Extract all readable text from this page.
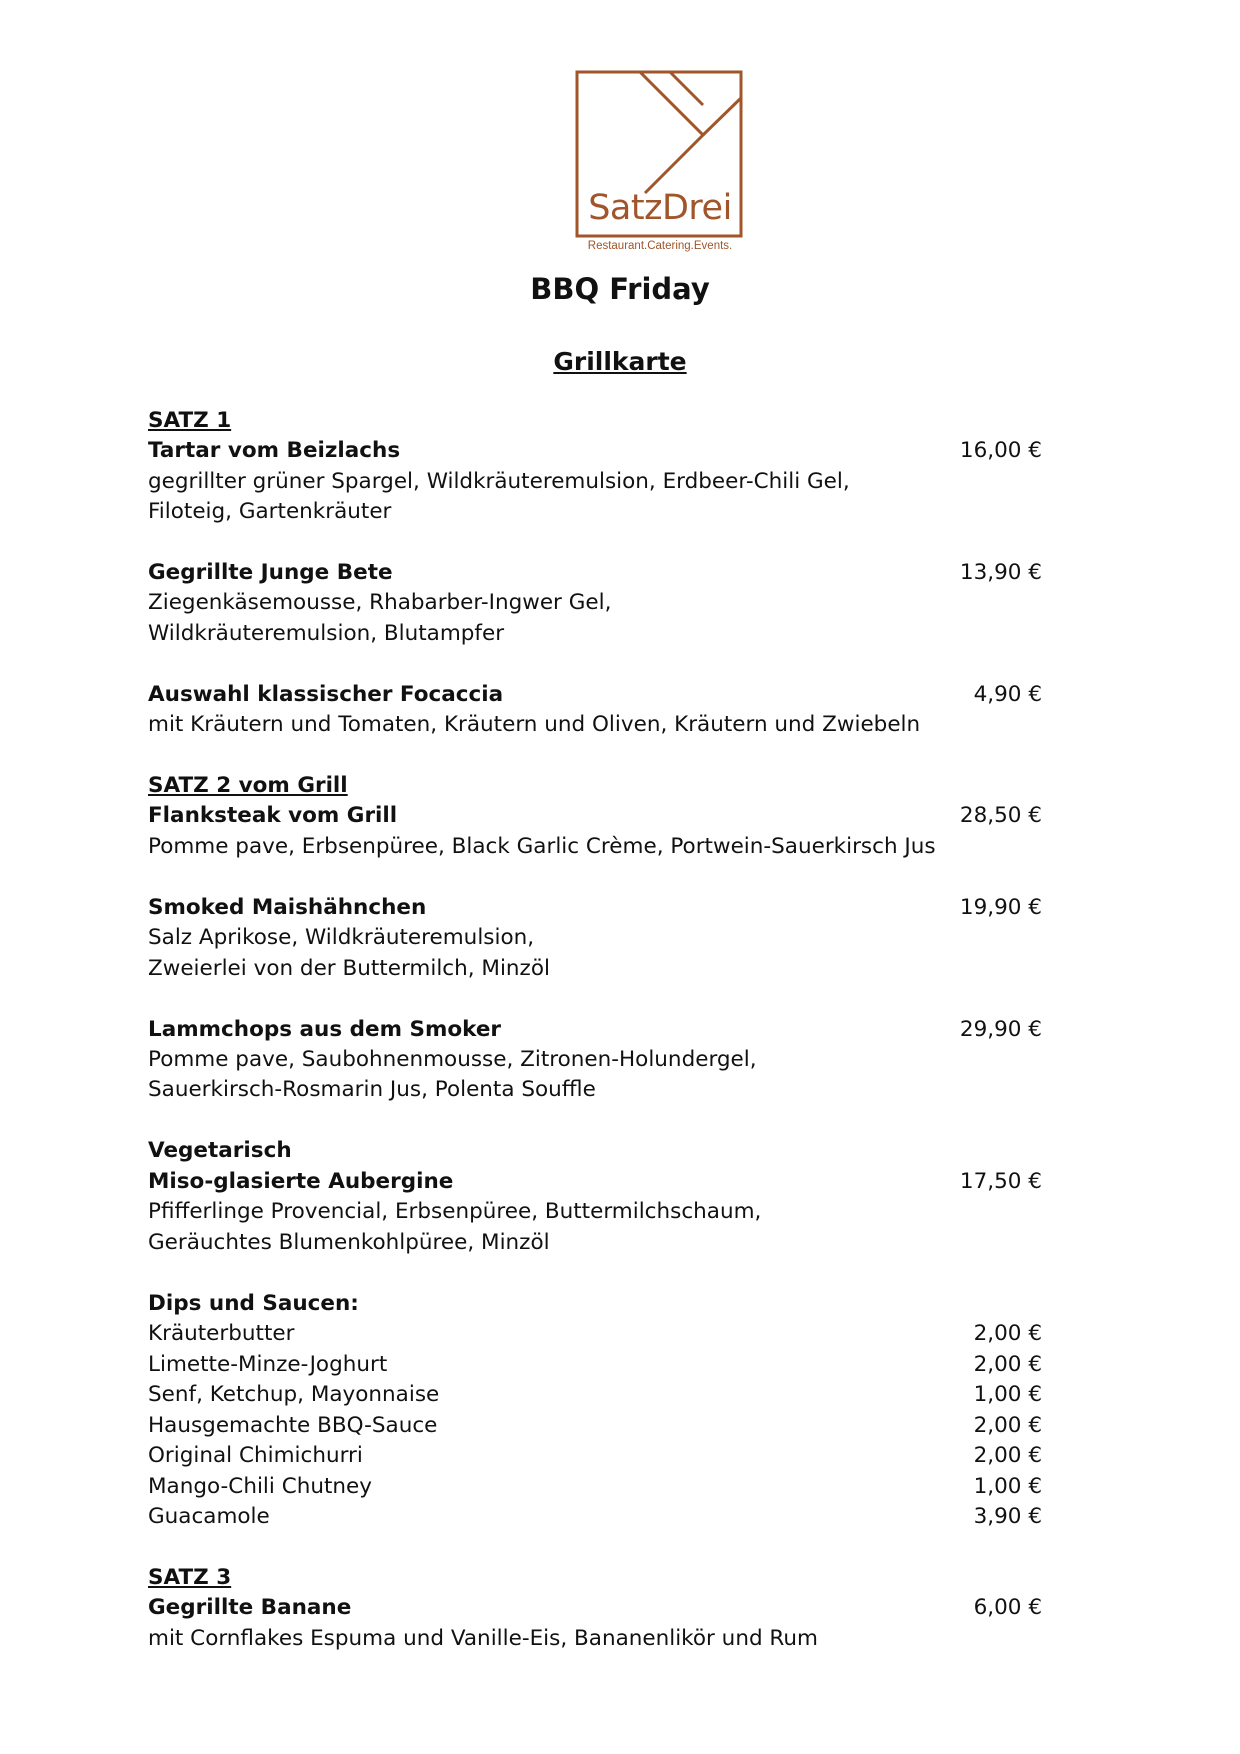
SatzDrei
Restaurant.Catering.Events.
BBQ Friday
Grillkarte
SATZ 1
Tartar vom Beizlachs	16,00 €
gegrillter grüner Spargel, Wildkräuteremulsion, Erdbeer-Chili Gel,
Filoteig, Gartenkräuter
Gegrillte Junge Bete	13,90 €
Ziegenkäsemousse, Rhabarber-Ingwer Gel,
Wildkräuteremulsion, Blutampfer
Auswahl klassischer Focaccia	4,90 €
mit Kräutern und Tomaten, Kräutern und Oliven, Kräutern und Zwiebeln
SATZ 2 vom Grill
Flanksteak vom Grill	28,50 €
Pomme pave, Erbsenpüree, Black Garlic Crème, Portwein-Sauerkirsch Jus
Smoked Maishähnchen	19,90 €
Salz Aprikose, Wildkräuteremulsion,
Zweierlei von der Buttermilch, Minzöl
Lammchops aus dem Smoker	29,90 €
Pomme pave, Saubohnenmousse, Zitronen-Holundergel,
Sauerkirsch-Rosmarin Jus, Polenta Souffle
Vegetarisch
Miso-glasierte Aubergine	17,50 €
Pfifferlinge Provencial, Erbsenpüree, Buttermilchschaum,
Geräuchtes Blumenkohlpüree, Minzöl
Dips und Saucen:
Kräuterbutter	2,00 €
Limette-Minze-Joghurt	2,00 €
Senf, Ketchup, Mayonnaise	1,00 €
Hausgemachte BBQ-Sauce	2,00 €
Original Chimichurri	2,00 €
Mango-Chili Chutney	1,00 €
Guacamole	3,90 €
SATZ 3
Gegrillte Banane	6,00 €
mit Cornflakes Espuma und Vanille-Eis, Bananenlikör und Rum
